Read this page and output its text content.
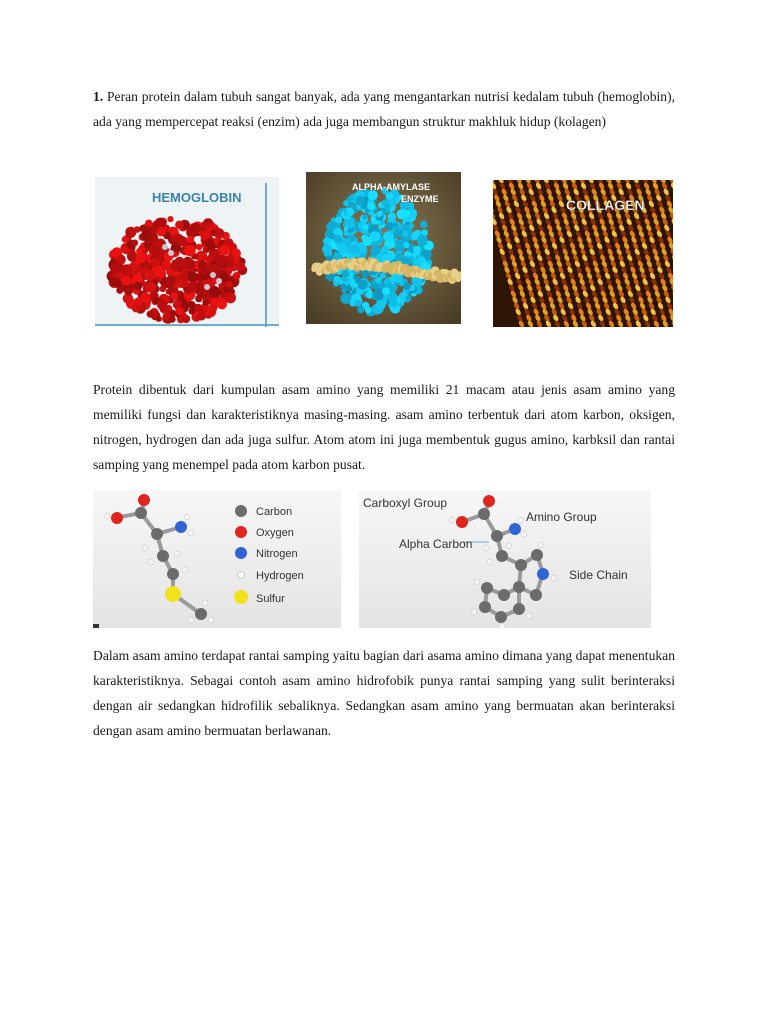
1. Peran protein dalam tubuh sangat banyak, ada yang mengantarkan nutrisi kedalam tubuh (hemoglobin), ada yang mempercepat reaksi (enzim) ada juga membangun struktur makhluk hidup (kolagen)

HEMOGLOBIN
ALPHA-AMYLASE
ENZYME	COLLAGEN

Protein dibentuk dari kumpulan asam amino yang memiliki 21 macam atau jenis asam amino yang memiliki fungsi dan karakteristiknya masing-masing. asam amino terbentuk dari atom karbon, oksigen, nitrogen, hydrogen dan ada juga sulfur. Atom atom ini juga membentuk gugus amino, karbksil dan rantai samping yang menempel pada atom karbon pusat.

Carbon
Oxygen
Nitrogen
Hydrogen
Sulfur
Carboxyl Group
Amino Group
Alpha Carbon
Side Chain

Dalam asam amino terdapat rantai samping yaitu bagian dari asama amino dimana yang dapat menentukan karakteristiknya. Sebagai contoh asam amino hidrofobik punya rantai samping yang sulit berinteraksi dengan air sedangkan hidrofilik sebaliknya. Sedangkan asam amino yang bermuatan akan berinteraksi dengan asam amino bermuatan berlawanan.
